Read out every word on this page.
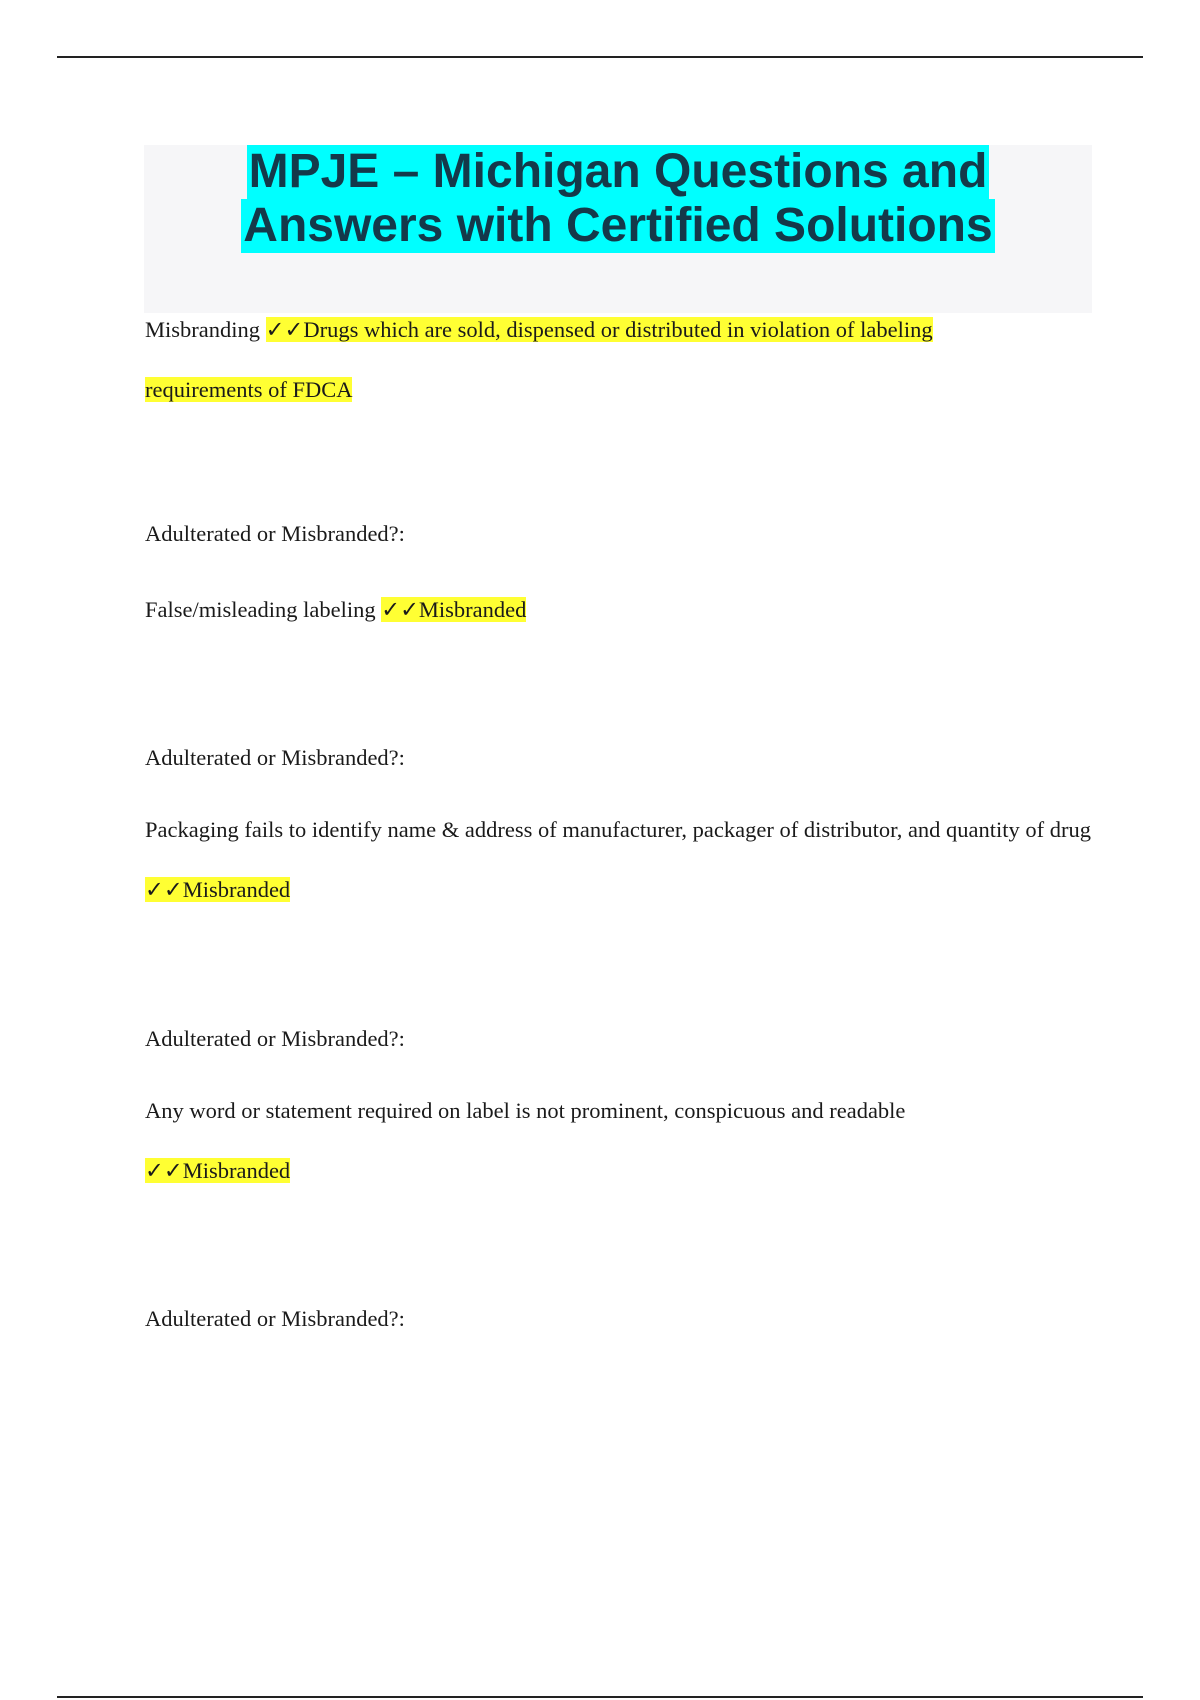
MPJE – Michigan Questions and
Answers with Certified Solutions

Misbranding ✓✓Drugs which are sold, dispensed or distributed in violation of labeling requirements of FDCA

Adulterated or Misbranded?:

False/misleading labeling ✓✓Misbranded

Adulterated or Misbranded?:

Packaging fails to identify name & address of manufacturer, packager of distributor, and quantity of drug ✓✓Misbranded

Adulterated or Misbranded?:

Any word or statement required on label is not prominent, conspicuous and readable ✓✓Misbranded

Adulterated or Misbranded?:
